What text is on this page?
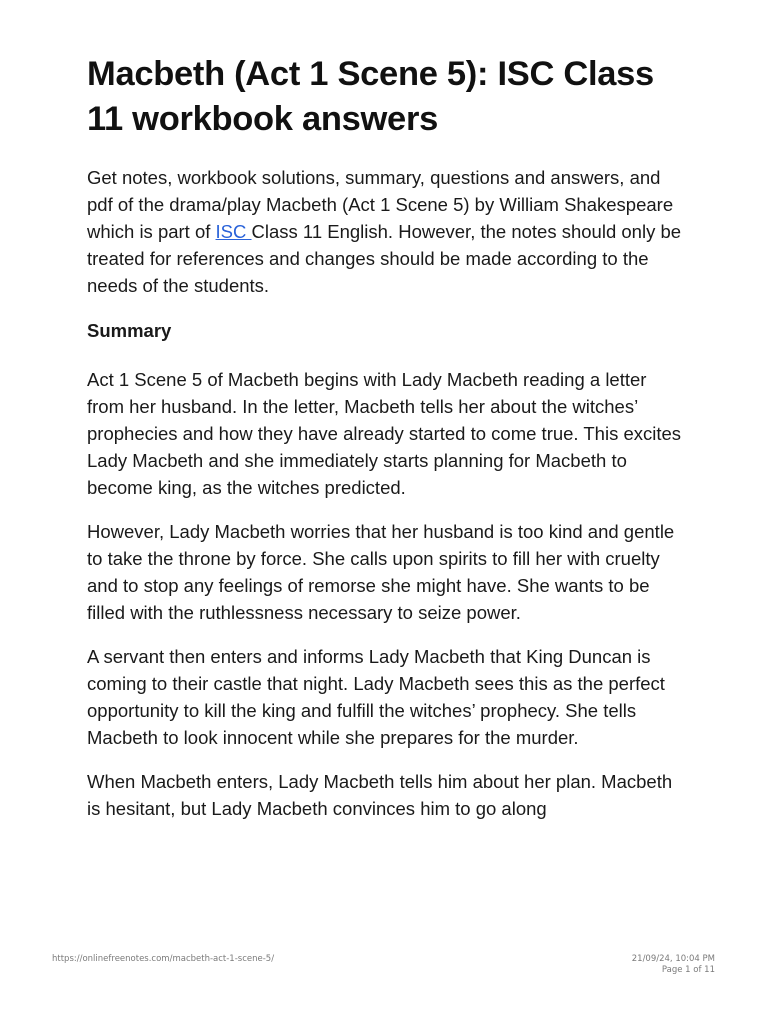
Macbeth (Act 1 Scene 5): ISC Class 11 workbook answers

Get notes, workbook solutions, summary, questions and answers, and pdf of the drama/play Macbeth (Act 1 Scene 5) by William Shakespeare which is part of ISC Class 11 English. However, the notes should only be treated for references and changes should be made according to the needs of the students.

Summary

Act 1 Scene 5 of Macbeth begins with Lady Macbeth reading a letter from her husband. In the letter, Macbeth tells her about the witches’ prophecies and how they have already started to come true. This excites Lady Macbeth and she immediately starts planning for Macbeth to become king, as the witches predicted.

However, Lady Macbeth worries that her husband is too kind and gentle to take the throne by force. She calls upon spirits to fill her with cruelty and to stop any feelings of remorse she might have. She wants to be filled with the ruthlessness necessary to seize power.

A servant then enters and informs Lady Macbeth that King Duncan is coming to their castle that night. Lady Macbeth sees this as the perfect opportunity to kill the king and fulfill the witches’ prophecy. She tells Macbeth to look innocent while she prepares for the murder.

When Macbeth enters, Lady Macbeth tells him about her plan. Macbeth is hesitant, but Lady Macbeth convinces him to go along

https://onlinefreenotes.com/macbeth-act-1-scene-5/	21/09/24, 10:04 PM
Page 1 of 11
